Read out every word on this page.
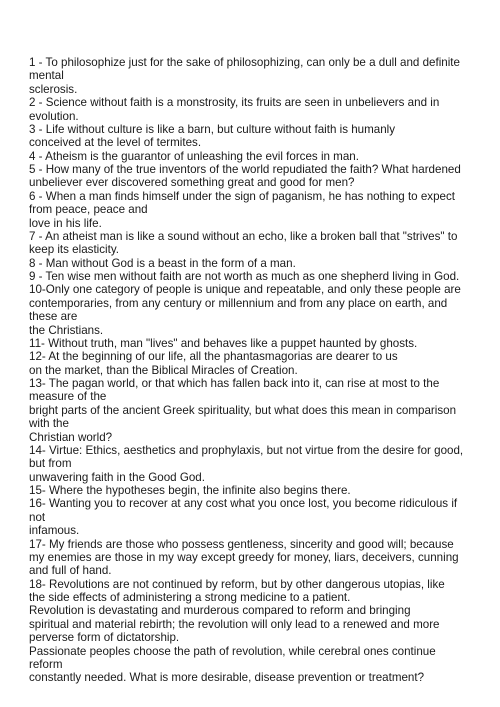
1 - To philosophize just for the sake of philosophizing, can only be a dull and definite
mental
sclerosis.
2 - Science without faith is a monstrosity, its fruits are seen in unbelievers and in
evolution.
3 - Life without culture is like a barn, but culture without faith is humanly
conceived at the level of termites.
4 - Atheism is the guarantor of unleashing the evil forces in man.
5 - How many of the true inventors of the world repudiated the faith? What hardened
unbeliever ever discovered something great and good for men?
6 - When a man finds himself under the sign of paganism, he has nothing to expect
from peace, peace and
love in his life.
7 - An atheist man is like a sound without an echo, like a broken ball that "strives" to
keep its elasticity.
8 - Man without God is a beast in the form of a man.
9 - Ten wise men without faith are not worth as much as one shepherd living in God.
10-Only one category of people is unique and repeatable, and only these people are
contemporaries, from any century or millennium and from any place on earth, and
these are
the Christians.
11- Without truth, man "lives" and behaves like a puppet haunted by ghosts.
12- At the beginning of our life, all the phantasmagorias are dearer to us
on the market, than the Biblical Miracles of Creation.
13- The pagan world, or that which has fallen back into it, can rise at most to the
measure of the
bright parts of the ancient Greek spirituality, but what does this mean in comparison
with the
Christian world?
14- Virtue: Ethics, aesthetics and prophylaxis, but not virtue from the desire for good,
but from
unwavering faith in the Good God.
15- Where the hypotheses begin, the infinite also begins there.
16- Wanting you to recover at any cost what you once lost, you become ridiculous if
not
infamous.
17- My friends are those who possess gentleness, sincerity and good will; because
my enemies are those in my way except greedy for money, liars, deceivers, cunning
and full of hand.
18- Revolutions are not continued by reform, but by other dangerous utopias, like
the side effects of administering a strong medicine to a patient.
Revolution is devastating and murderous compared to reform and bringing
spiritual and material rebirth; the revolution will only lead to a renewed and more
perverse form of dictatorship.
Passionate peoples choose the path of revolution, while cerebral ones continue
reform
constantly needed. What is more desirable, disease prevention or treatment?
